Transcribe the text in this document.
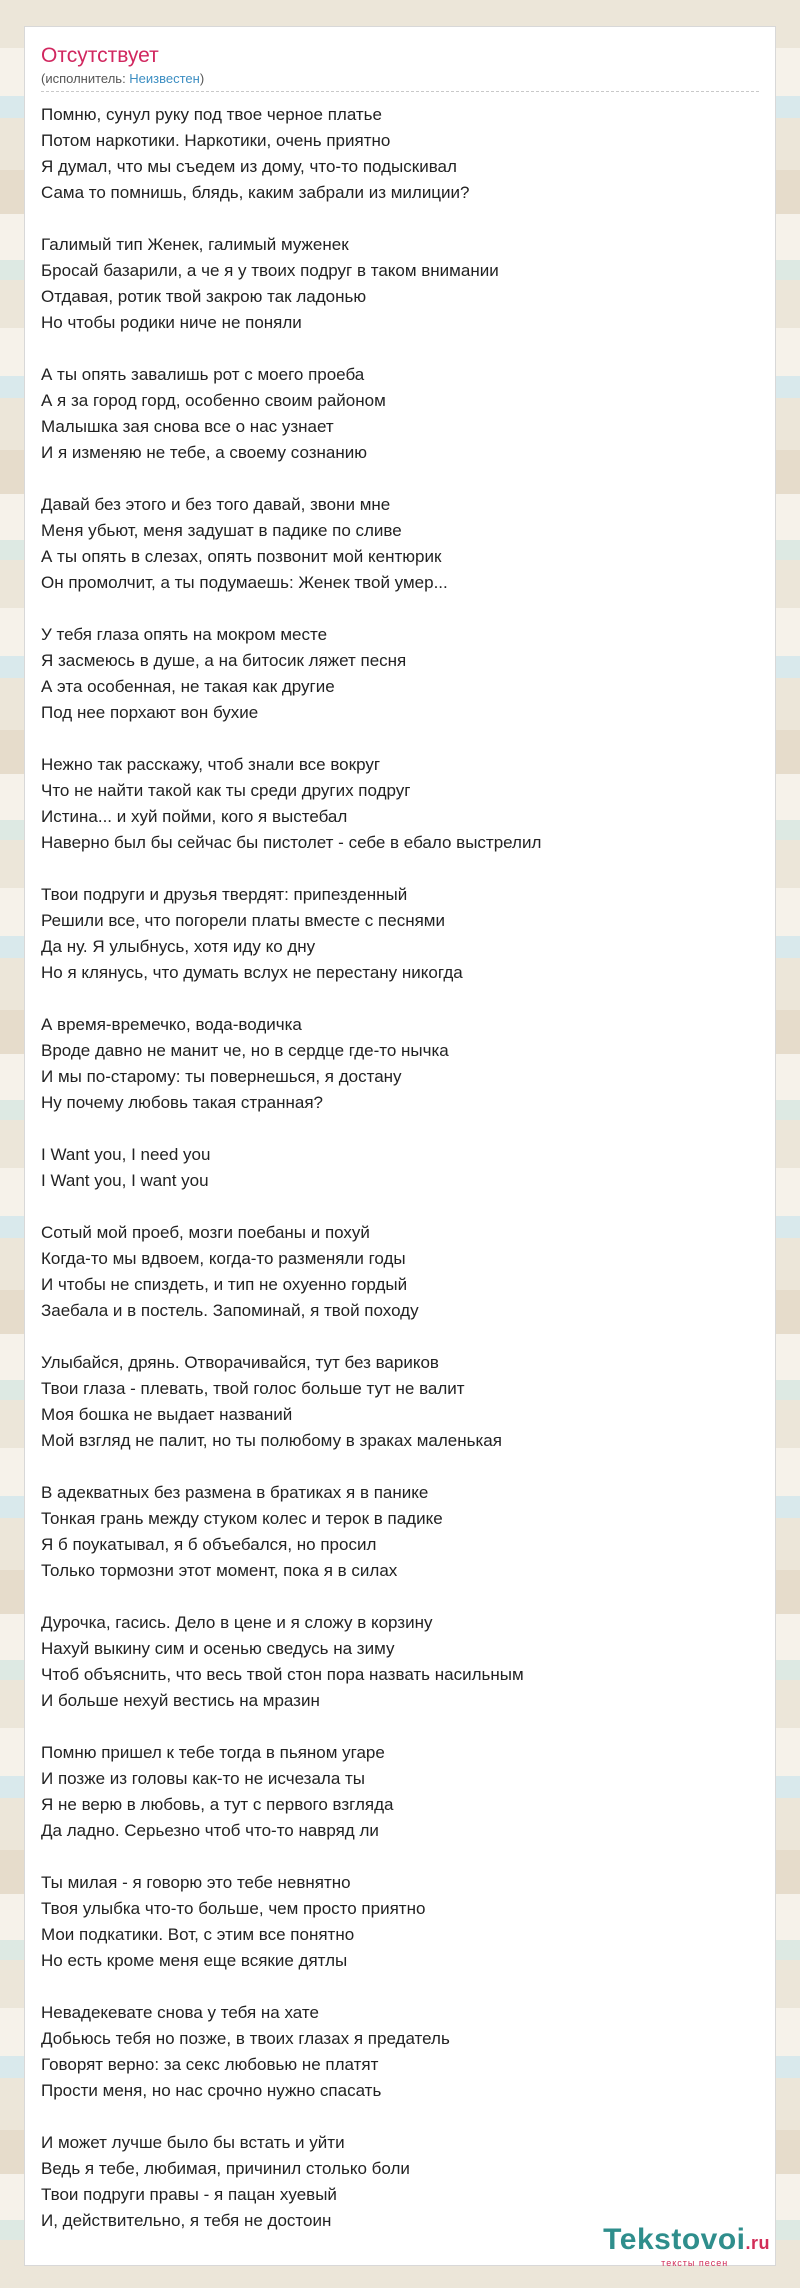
Отсутствует
(исполнитель: Неизвестен)
Помню, сунул руку под твое черное платье
Потом наркотики. Наркотики, очень приятно
Я думал, что мы съедем из дому, что-то подыскивал
Сама то помнишь, блядь, каким забрали из милиции?
Галимый тип Женек, галимый муженек
Бросай базарили, а че я у твоих подруг в таком внимании
Отдавая, ротик твой закрою так ладонью
Но чтобы родики ниче не поняли
А ты опять завалишь рот с моего проеба
А я за город горд, особенно своим районом
Малышка зая снова все о нас узнает
И я изменяю не тебе, а своему сознанию
Давай без этого и без того давай, звони мне
Меня убьют, меня задушат в падике по сливе
А ты опять в слезах, опять позвонит мой кентюрик
Он промолчит, а ты подумаешь: Женек твой умер...
У тебя глаза опять на мокром месте
Я засмеюсь в душе, а на битосик ляжет песня
А эта особенная, не такая как другие
Под нее порхают вон бухие
Нежно так расскажу, чтоб знали все вокруг
Что не найти такой как ты среди других подруг
Истина... и хуй пойми, кого я выстебал
Наверно был бы сейчас бы пистолет - себе в ебало выстрелил
Твои подруги и друзья твердят: припезденный
Решили все, что погорели платы вместе с песнями
Да ну. Я улыбнусь, хотя иду ко дну
Но я клянусь, что думать вслух не перестану никогда
А время-времечко, вода-водичка
Вроде давно не манит че, но в сердце где-то нычка
И мы по-старому: ты повернешься, я достану
Ну почему любовь такая странная?
I Want you, I need you
I Want you, I want you
Сотый мой проеб, мозги поебаны и похуй
Когда-то мы вдвоем, когда-то разменяли годы
И чтобы не спиздеть, и тип не охуенно гордый
Заебала и в постель. Запоминай, я твой походу
Улыбайся, дрянь. Отворачивайся, тут без вариков
Твои глаза - плевать, твой голос больше тут не валит
Моя бошка не выдает названий
Мой взгляд не палит, но ты полюбому в зраках маленькая
В адекватных без размена в братиках я в панике
Тонкая грань между стуком колес и терок в падике
Я б поукатывал, я б объебался, но просил
Только тормозни этот момент, пока я в силах
Дурочка, гасись. Дело в цене и я сложу в корзину
Нахуй выкину сим и осенью сведусь на зиму
Чтоб объяснить, что весь твой стон пора назвать насильным
И больше нехуй вестись на мразин
Помню пришел к тебе тогда в пьяном угаре
И позже из головы как-то не исчезала ты
Я не верю в любовь, а тут с первого взгляда
Да ладно. Серьезно чтоб что-то навряд ли
Ты милая - я говорю это тебе невнятно
Твоя улыбка что-то больше, чем просто приятно
Мои подкатики. Вот, с этим все понятно
Но есть кроме меня еще всякие дятлы
Невадекевате снова у тебя на хате
Добьюсь тебя но позже, в твоих глазах я предатель
Говорят верно: за секс любовью не платят
Прости меня, но нас срочно нужно спасать
И может лучше было бы встать и уйти
Ведь я тебе, любимая, причинил столько боли
Твои подруги правы - я пацан хуевый
И, действительно, я тебя не достоин
Tekstovoi.ru
тексты песен
